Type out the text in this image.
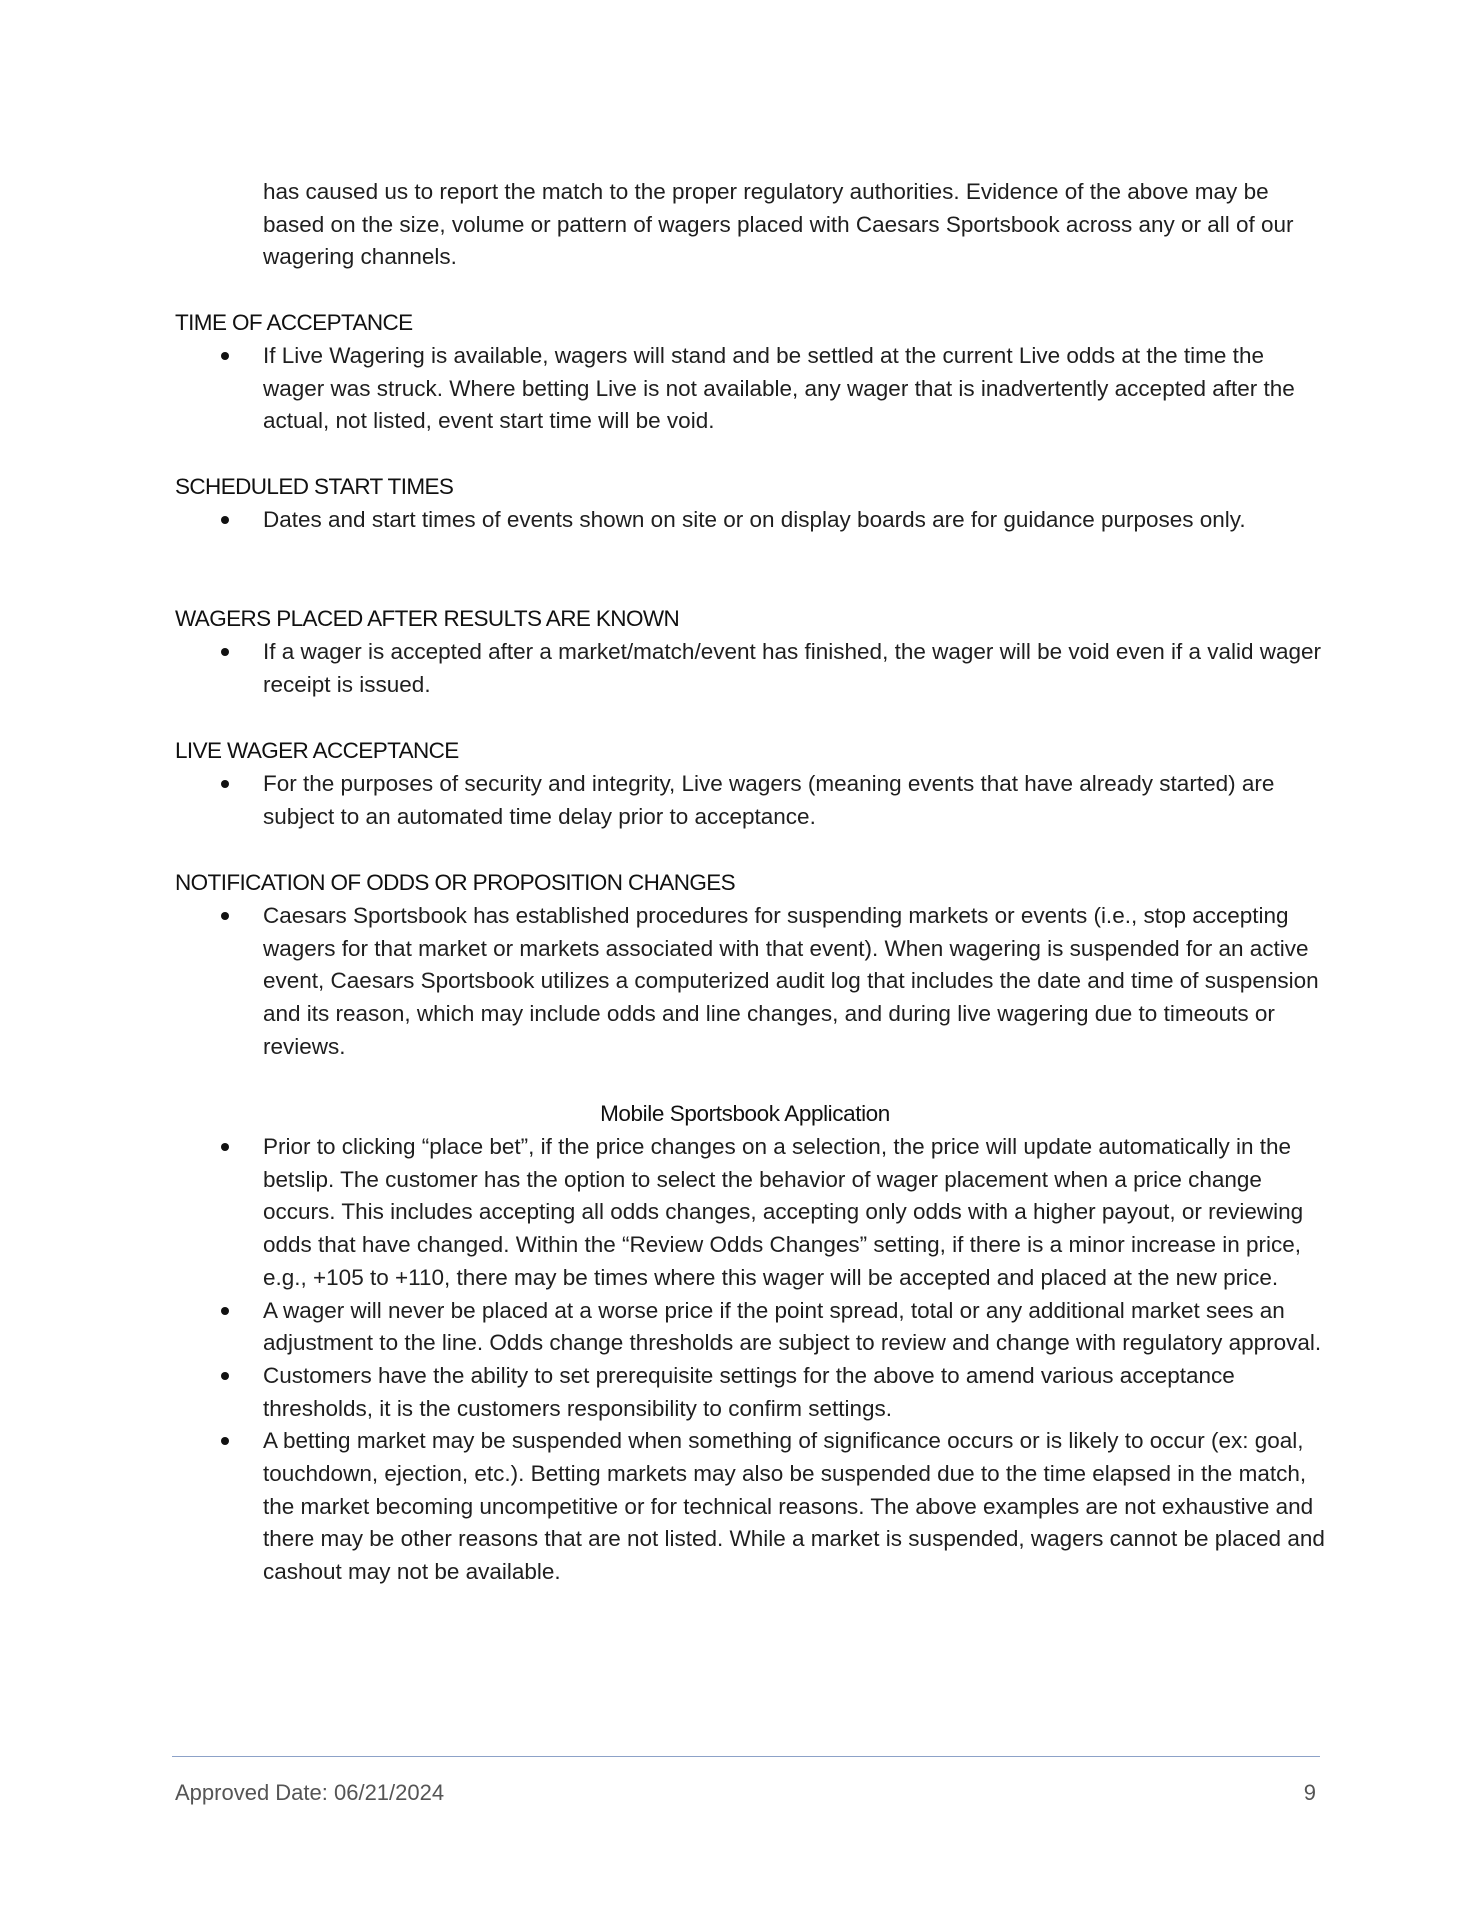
has caused us to report the match to the proper regulatory authorities. Evidence of the above may be based on the size, volume or pattern of wagers placed with Caesars Sportsbook across any or all of our wagering channels.
TIME OF ACCEPTANCE
If Live Wagering is available, wagers will stand and be settled at the current Live odds at the time the wager was struck. Where betting Live is not available, any wager that is inadvertently accepted after the actual, not listed, event start time will be void.
SCHEDULED START TIMES
Dates and start times of events shown on site or on display boards are for guidance purposes only.
WAGERS PLACED AFTER RESULTS ARE KNOWN
If a wager is accepted after a market/match/event has finished, the wager will be void even if a valid wager receipt is issued.
LIVE WAGER ACCEPTANCE
For the purposes of security and integrity, Live wagers (meaning events that have already started) are subject to an automated time delay prior to acceptance.
NOTIFICATION OF ODDS OR PROPOSITION CHANGES
Caesars Sportsbook has established procedures for suspending markets or events (i.e., stop accepting wagers for that market or markets associated with that event). When wagering is suspended for an active event, Caesars Sportsbook utilizes a computerized audit log that includes the date and time of suspension and its reason, which may include odds and line changes, and during live wagering due to timeouts or reviews.
Mobile Sportsbook Application
Prior to clicking “place bet”, if the price changes on a selection, the price will update automatically in the betslip. The customer has the option to select the behavior of wager placement when a price change occurs. This includes accepting all odds changes, accepting only odds with a higher payout, or reviewing odds that have changed. Within the “Review Odds Changes” setting, if there is a minor increase in price, e.g., +105 to +110, there may be times where this wager will be accepted and placed at the new price.
A wager will never be placed at a worse price if the point spread, total or any additional market sees an adjustment to the line. Odds change thresholds are subject to review and change with regulatory approval.
Customers have the ability to set prerequisite settings for the above to amend various acceptance thresholds, it is the customers responsibility to confirm settings.
A betting market may be suspended when something of significance occurs or is likely to occur (ex: goal, touchdown, ejection, etc.). Betting markets may also be suspended due to the time elapsed in the match, the market becoming uncompetitive or for technical reasons. The above examples are not exhaustive and there may be other reasons that are not listed. While a market is suspended, wagers cannot be placed and cashout may not be available.
Approved Date: 06/21/2024	9
